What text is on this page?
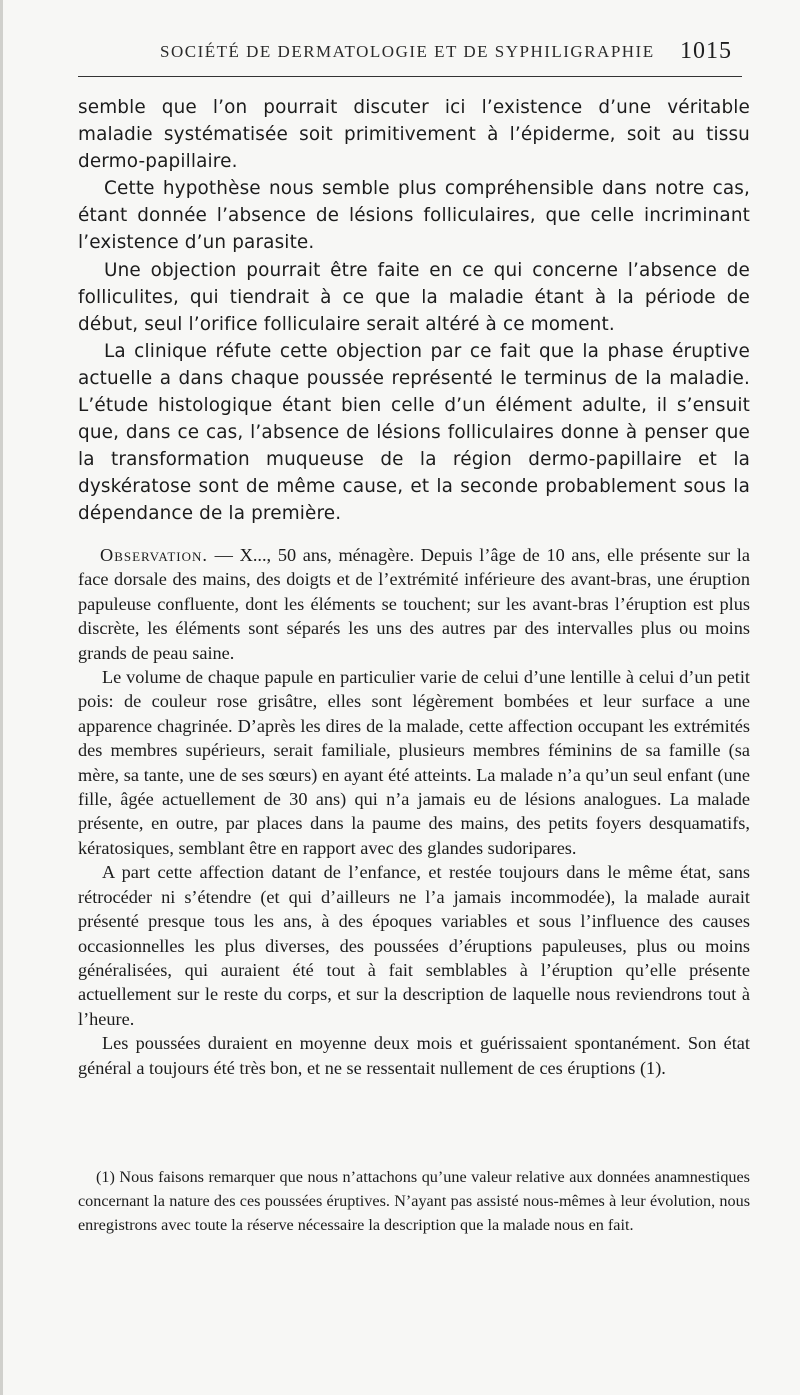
SOCIÉTÉ DE DERMATOLOGIE ET DE SYPHILIGRAPHIE 1015

semble que l’on pourrait discuter ici l’existence d’une véritable maladie systématisée soit primitivement à l’épiderme, soit au tissu dermo-papillaire.

Cette hypothèse nous semble plus compréhensible dans notre cas, étant donnée l’absence de lésions folliculaires, que celle incriminant l’existence d’un parasite.

Une objection pourrait être faite en ce qui concerne l’absence de folliculites, qui tiendrait à ce que la maladie étant à la période de début, seul l’orifice folliculaire serait altéré à ce moment.

La clinique réfute cette objection par ce fait que la phase éruptive actuelle a dans chaque poussée représenté le terminus de la maladie. L’étude histologique étant bien celle d’un élément adulte, il s’ensuit que, dans ce cas, l’absence de lésions folliculaires donne à penser que la transformation muqueuse de la région dermo-papillaire et la dyskératose sont de même cause, et la seconde probablement sous la dépendance de la première.

Observation. — X..., 50 ans, ménagère. Depuis l’âge de 10 ans, elle présente sur la face dorsale des mains, des doigts et de l’extrémité inférieure des avant-bras, une éruption papuleuse confluente, dont les éléments se touchent; sur les avant-bras l’éruption est plus discrète, les éléments sont séparés les uns des autres par des intervalles plus ou moins grands de peau saine.

Le volume de chaque papule en particulier varie de celui d’une lentille à celui d’un petit pois: de couleur rose grisâtre, elles sont légèrement bombées et leur surface a une apparence chagrinée. D’après les dires de la malade, cette affection occupant les extrémités des membres supérieurs, serait familiale, plusieurs membres féminins de sa famille (sa mère, sa tante, une de ses sœurs) en ayant été atteints. La malade n’a qu’un seul enfant (une fille, âgée actuellement de 30 ans) qui n’a jamais eu de lésions analogues. La malade présente, en outre, par places dans la paume des mains, des petits foyers desquamatifs, kératosiques, semblant être en rapport avec des glandes sudoripares.

A part cette affection datant de l’enfance, et restée toujours dans le même état, sans rétrocéder ni s’étendre (et qui d’ailleurs ne l’a jamais incommodée), la malade aurait présenté presque tous les ans, à des époques variables et sous l’influence des causes occasionnelles les plus diverses, des poussées d’éruptions papuleuses, plus ou moins généralisées, qui auraient été tout à fait semblables à l’éruption qu’elle présente actuellement sur le reste du corps, et sur la description de laquelle nous reviendrons tout à l’heure.

Les poussées duraient en moyenne deux mois et guérissaient spontanément. Son état général a toujours été très bon, et ne se ressentait nullement de ces éruptions (1).

(1) Nous faisons remarquer que nous n’attachons qu’une valeur relative aux données anamnestiques concernant la nature des ces poussées éruptives. N’ayant pas assisté nous-mêmes à leur évolution, nous enregistrons avec toute la réserve nécessaire la description que la malade nous en fait.
